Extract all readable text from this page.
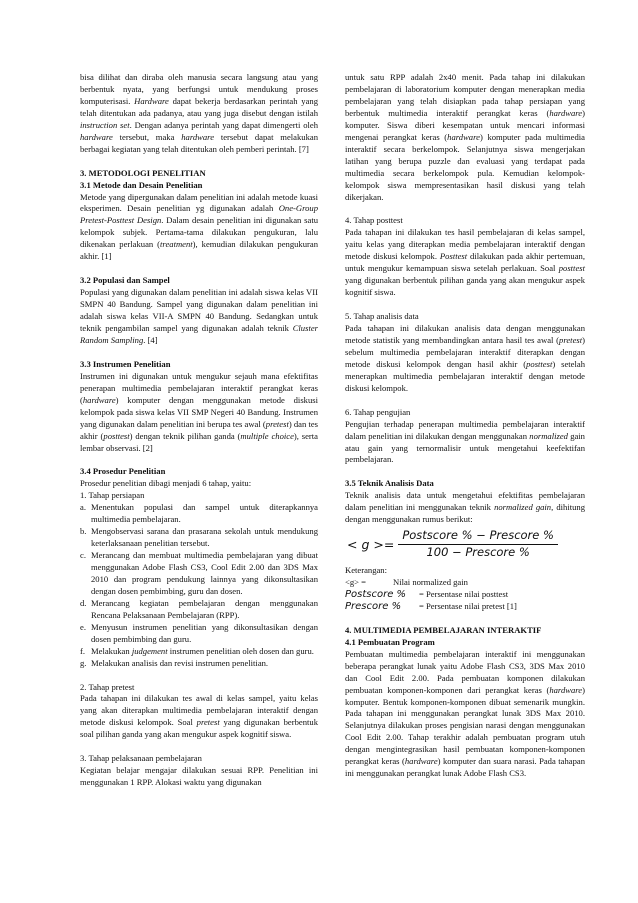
bisa dilihat dan diraba oleh manusia secara langsung atau yang berbentuk nyata, yang berfungsi untuk mendukung proses komputerisasi. Hardware dapat bekerja berdasarkan perintah yang telah ditentukan ada padanya, atau yang juga disebut dengan istilah instruction set. Dengan adanya perintah yang dapat dimengerti oleh hardware tersebut, maka hardware tersebut dapat melakukan berbagai kegiatan yang telah ditentukan oleh pemberi perintah. [7]

3. METODOLOGI PENELITIAN

3.1 Metode dan Desain Penelitian

Metode yang dipergunakan dalam penelitian ini adalah metode kuasi eksperimen. Desain penelitian yg digunakan adalah One-Group Pretest-Posttest Design. Dalam desain penelitian ini digunakan satu kelompok subjek. Pertama-tama dilakukan pengukuran, lalu dikenakan perlakuan (treatment), kemudian dilakukan pengukuran akhir. [1]

3.2 Populasi dan Sampel

Populasi yang digunakan dalam penelitian ini adalah siswa kelas VII SMPN 40 Bandung. Sampel yang digunakan dalam penelitian ini adalah siswa kelas VII-A SMPN 40 Bandung. Sedangkan untuk teknik pengambilan sampel yang digunakan adalah teknik Cluster Random Sampling. [4]

3.3 Instrumen Penelitian

Instrumen ini digunakan untuk mengukur sejauh mana efektifitas penerapan multimedia pembelajaran interaktif perangkat keras (hardware) komputer dengan menggunakan metode diskusi kelompok pada siswa kelas VII SMP Negeri 40 Bandung. Instrumen yang digunakan dalam penelitian ini berupa tes awal (pretest) dan tes akhir (posttest) dengan teknik pilihan ganda (multiple choice), serta lembar observasi. [2]

3.4 Prosedur Penelitian

Prosedur penelitian dibagi menjadi 6 tahap, yaitu:

1. Tahap persiapan

a. Menentukan populasi dan sampel untuk diterapkannya multimedia pembelajaran.
b. Mengobservasi sarana dan prasarana sekolah untuk mendukung keterlaksanaan penelitian tersebut.
c. Merancang dan membuat multimedia pembelajaran yang dibuat menggunakan Adobe Flash CS3, Cool Edit 2.00 dan 3DS Max 2010 dan program pendukung lainnya yang dikonsultasikan dengan dosen pembimbing, guru dan dosen.
d. Merancang kegiatan pembelajaran dengan menggunakan Rencana Pelaksanaan Pembelajaran (RPP).
e. Menyusun instrumen penelitian yang dikonsultasikan dengan dosen pembimbing dan guru.
f. Melakukan judgement instrumen penelitian oleh dosen dan guru.
g. Melakukan analisis dan revisi instrumen penelitian.

2. Tahap pretest

Pada tahapan ini dilakukan tes awal di kelas sampel, yaitu kelas yang akan diterapkan multimedia pembelajaran interaktif dengan metode diskusi kelompok. Soal pretest yang digunakan berbentuk soal pilihan ganda yang akan mengukur aspek kognitif siswa.

3. Tahap pelaksanaan pembelajaran

Kegiatan belajar mengajar dilakukan sesuai RPP. Penelitian ini menggunakan 1 RPP. Alokasi waktu yang digunakan

untuk satu RPP adalah 2x40 menit. Pada tahap ini dilakukan pembelajaran di laboratorium komputer dengan menerapkan media pembelajaran yang telah disiapkan pada tahap persiapan yang berbentuk multimedia interaktif perangkat keras (hardware) komputer. Siswa diberi kesempatan untuk mencari informasi mengenai perangkat keras (hardware) komputer pada multimedia interaktif secara berkelompok. Selanjutnya siswa mengerjakan latihan yang berupa puzzle dan evaluasi yang terdapat pada multimedia secara berkelompok pula. Kemudian kelompok-kelompok siswa mempresentasikan hasil diskusi yang telah dikerjakan.

4. Tahap posttest

Pada tahapan ini dilakukan tes hasil pembelajaran di kelas sampel, yaitu kelas yang diterapkan media pembelajaran interaktif dengan metode diskusi kelompok. Posttest dilakukan pada akhir pertemuan, untuk mengukur kemampuan siswa setelah perlakuan. Soal posttest yang digunakan berbentuk pilihan ganda yang akan mengukur aspek kognitif siswa.

5. Tahap analisis data

Pada tahapan ini dilakukan analisis data dengan menggunakan metode statistik yang membandingkan antara hasil tes awal (pretest) sebelum multimedia pembelajaran interaktif diterapkan dengan metode diskusi kelompok dengan hasil akhir (posttest) setelah menerapkan multimedia pembelajaran interaktif dengan metode diskusi kelompok.

6. Tahap pengujian

Pengujian terhadap penerapan multimedia pembelajaran interaktif dalam penelitian ini dilakukan dengan menggunakan normalized gain atau gain yang ternormalisir untuk mengetahui keefektifan pembelajaran.

3.5 Teknik Analisis Data

Teknik analisis data untuk mengetahui efektifitas pembelajaran dalam penelitian ini menggunakan teknik normalized gain, dihitung dengan menggunakan rumus berikut:

< $g >= \frac{\text{Postscore \% − Prescore \%}}{\text{100 − Prescore \%}}$

Keterangan:

<g> =	Nilai normalized gain
Postscore %	= Persentase nilai posttest
Prescore %	= Persentase nilai pretest [1]

4. MULTIMEDIA PEMBELAJARAN INTERAKTIF

4.1 Pembuatan Program

Pembuatan multimedia pembelajaran interaktif ini menggunakan beberapa perangkat lunak yaitu Adobe Flash CS3, 3DS Max 2010 dan Cool Edit 2.00. Pada pembuatan komponen dilakukan pembuatan komponen-komponen dari perangkat keras (hardware) komputer. Bentuk komponen-komponen dibuat semenarik mungkin. Pada tahapan ini menggunakan perangkat lunak 3DS Max 2010. Selanjutnya dilakukan proses pengisian narasi dengan menggunakan Cool Edit 2.00. Tahap terakhir adalah pembuatan program utuh dengan mengintegrasikan hasil pembuatan komponen-komponen perangkat keras (hardware) komputer dan suara narasi. Pada tahapan ini menggunakan perangkat lunak Adobe Flash CS3.
